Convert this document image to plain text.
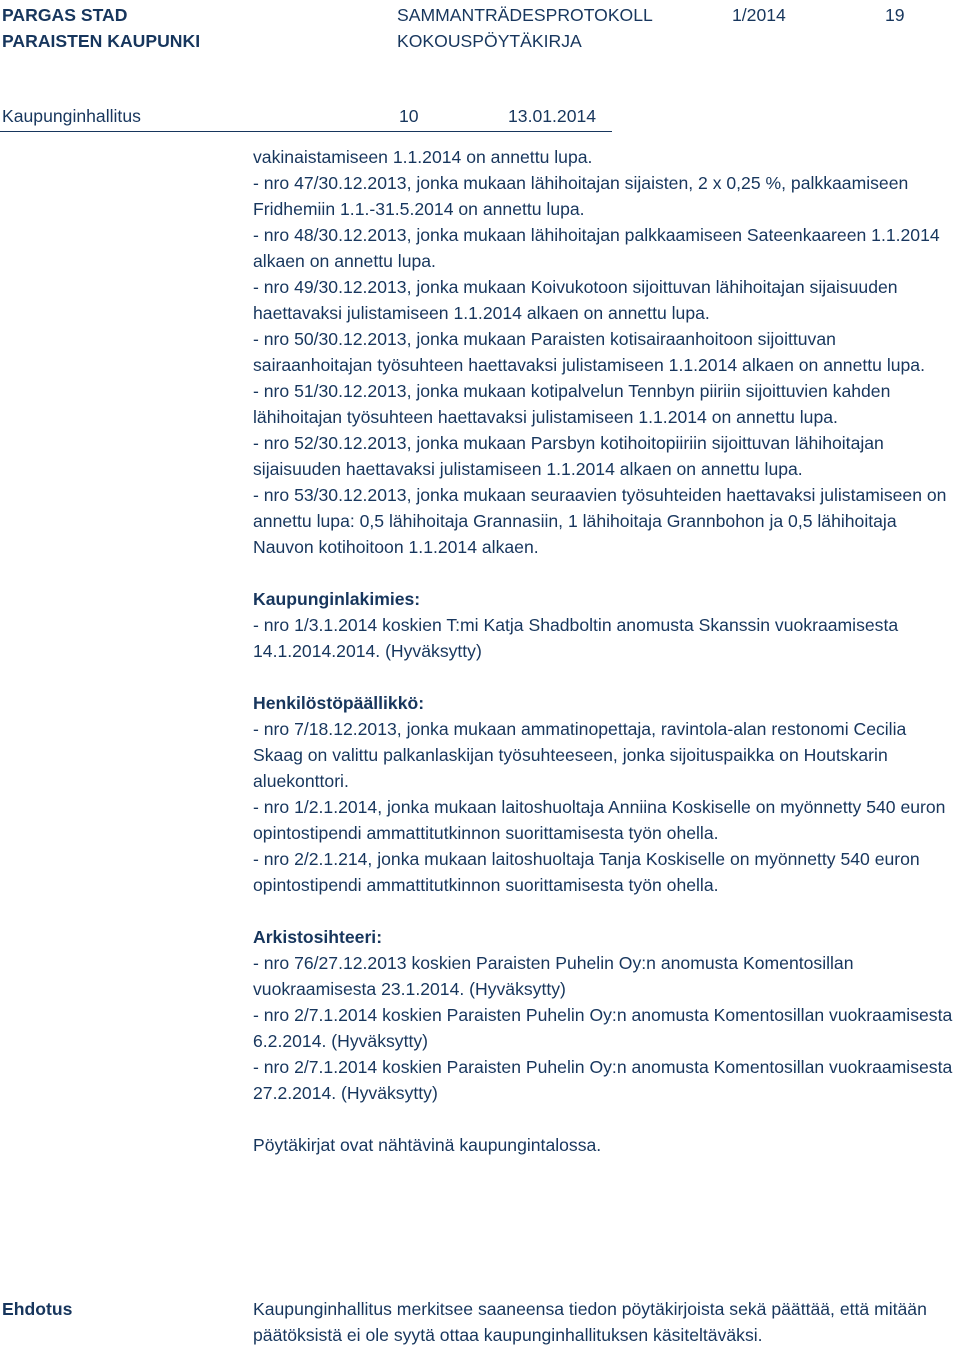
PARGAS STAD
PARAISTEN KAUPUNKI
SAMMANTRÄDESPROTOKOLL
KOKOUSPÖYTÄKIRJA
1/2014	19
Kaupunginhallitus	10	13.01.2014

vakinaistamiseen 1.1.2014 on annettu lupa.

- nro 47/30.12.2013, jonka mukaan lähihoitajan sijaisten, 2 x 0,25 %, palkkaamiseen Fridhemiin 1.1.-31.5.2014 on annettu lupa.

- nro 48/30.12.2013, jonka mukaan lähihoitajan palkkaamiseen Sateenkaareen 1.1.2014 alkaen on annettu lupa.

- nro 49/30.12.2013, jonka mukaan Koivukotoon sijoittuvan lähihoitajan sijaisuuden haettavaksi julistamiseen 1.1.2014 alkaen on annettu lupa.

- nro 50/30.12.2013, jonka mukaan Paraisten kotisairaanhoitoon sijoittuvan sairaanhoitajan työsuhteen haettavaksi julistamiseen 1.1.2014 alkaen on annettu lupa.

- nro 51/30.12.2013, jonka mukaan kotipalvelun Tennbyn piiriin sijoittuvien kahden lähihoitajan työsuhteen haettavaksi julistamiseen 1.1.2014 on annettu lupa.

- nro 52/30.12.2013, jonka mukaan Parsbyn kotihoitopiiriin sijoittuvan lähihoitajan sijaisuuden haettavaksi julistamiseen 1.1.2014 alkaen on annettu lupa.

- nro 53/30.12.2013, jonka mukaan seuraavien työsuhteiden haettavaksi julistamiseen on annettu lupa: 0,5 lähihoitaja Grannasiin, 1 lähihoitaja Grannbohon ja 0,5 lähihoitaja Nauvon kotihoitoon 1.1.2014 alkaen.

Kaupunginlakimies:

- nro 1/3.1.2014 koskien T:mi Katja Shadboltin anomusta Skanssin vuokraamisesta 14.1.2014.2014. (Hyväksytty)

Henkilöstöpäällikkö:

- nro 7/18.12.2013, jonka mukaan ammatinopettaja, ravintola-alan restonomi Cecilia Skaag on valittu palkanlaskijan työsuhteeseen, jonka sijoituspaikka on Houtskarin aluekonttori.

- nro 1/2.1.2014, jonka mukaan laitoshuoltaja Anniina Koskiselle on myönnetty 540 euron opintostipendi ammattitutkinnon suorittamisesta työn ohella.

- nro 2/2.1.214, jonka mukaan laitoshuoltaja Tanja Koskiselle on myönnetty 540 euron opintostipendi ammattitutkinnon suorittamisesta työn ohella.

Arkistosihteeri:

- nro 76/27.12.2013 koskien Paraisten Puhelin Oy:n anomusta Komentosillan vuokraamisesta 23.1.2014. (Hyväksytty)

- nro 2/7.1.2014 koskien Paraisten Puhelin Oy:n anomusta Komentosillan vuokraamisesta 6.2.2014. (Hyväksytty)

- nro 2/7.1.2014 koskien Paraisten Puhelin Oy:n anomusta Komentosillan vuokraamisesta 27.2.2014. (Hyväksytty)

Pöytäkirjat ovat nähtävinä kaupungintalossa.

Ehdotus	Kaupunginhallitus merkitsee saaneensa tiedon pöytäkirjoista sekä päättää, että mitään päätöksistä ei ole syytä ottaa kaupunginhallituksen käsiteltäväksi.
